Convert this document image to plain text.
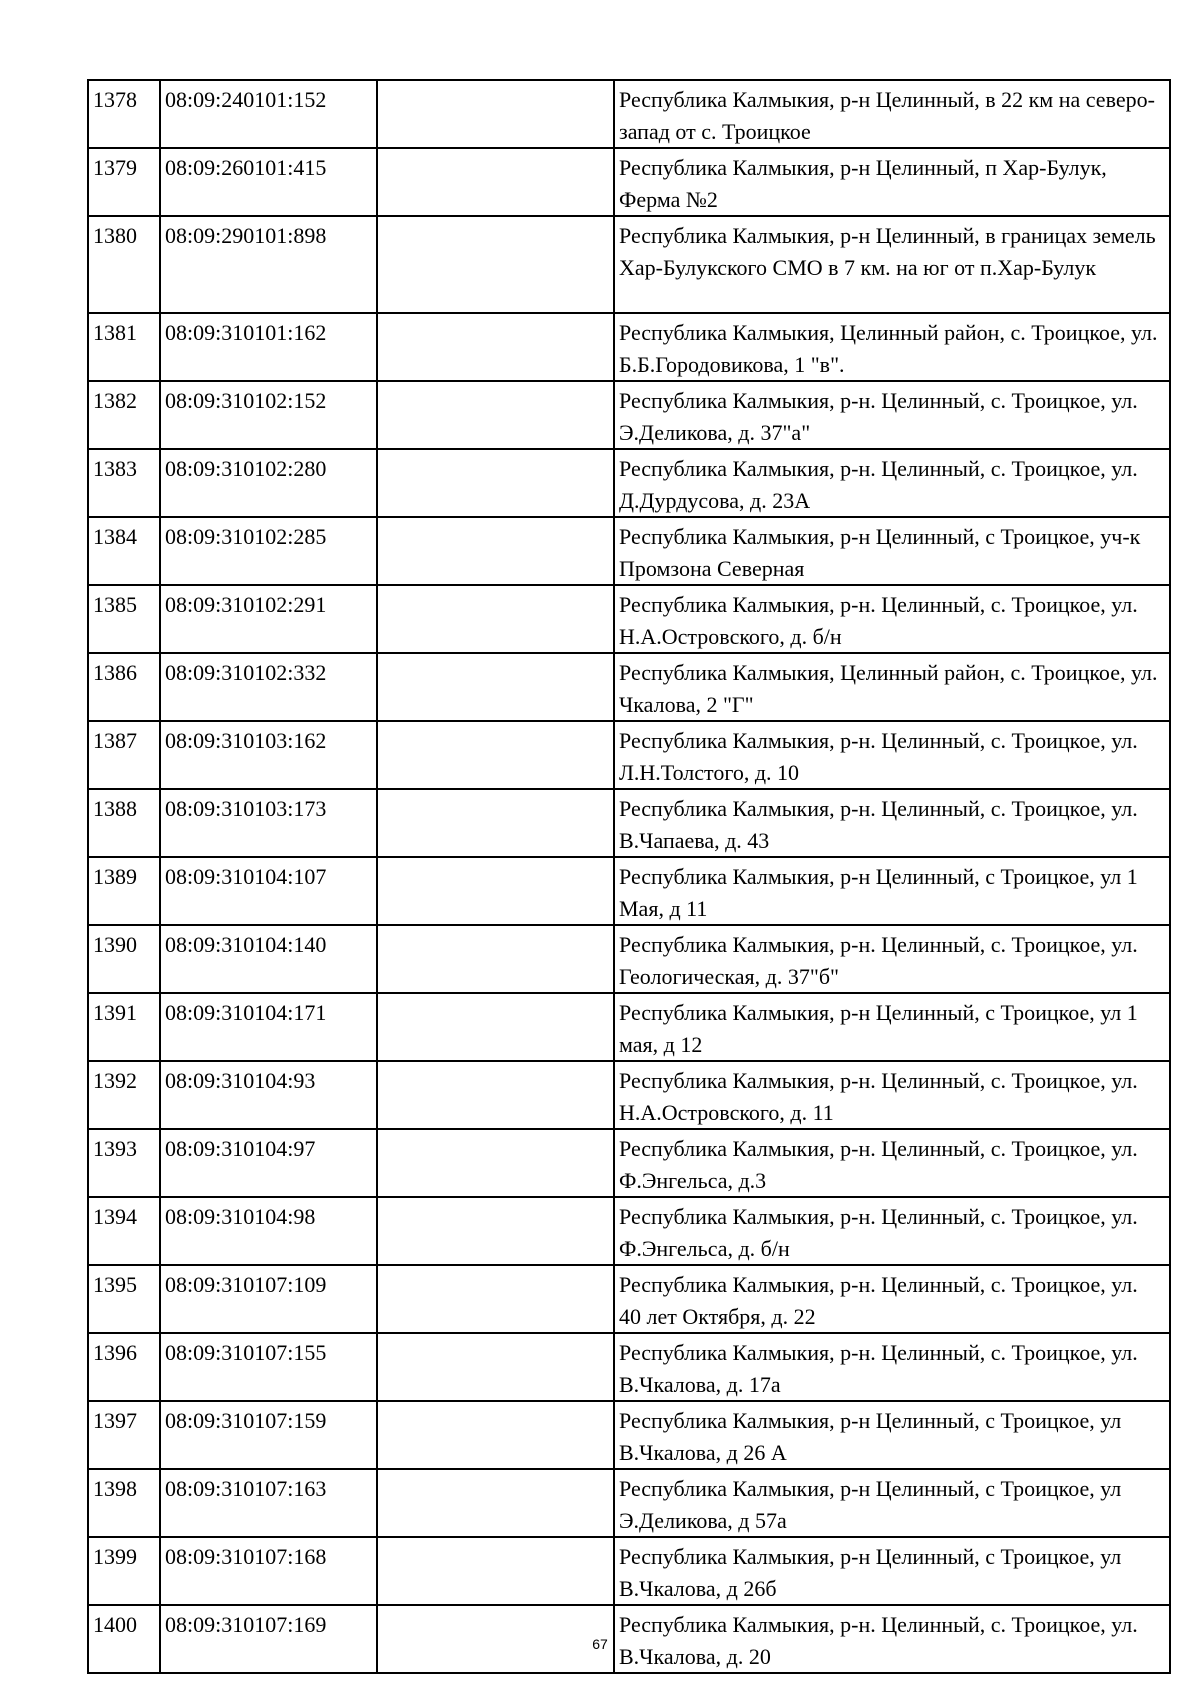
1378	08:09:240101:152		Республика Калмыкия, р-н Целинный, в 22 км на северо-запад от с. Троицкое
1379	08:09:260101:415		Республика Калмыкия, р-н Целинный, п Хар-Булук, Ферма №2
1380	08:09:290101:898		Республика Калмыкия, р-н Целинный, в границах земель Хар-Булукского СМО в 7 км. на юг от п.Хар-Булук
1381	08:09:310101:162		Республика Калмыкия, Целинный район, с. Троицкое, ул. Б.Б.Городовикова, 1 "в".
1382	08:09:310102:152		Республика Калмыкия, р-н. Целинный, с. Троицкое, ул. Э.Деликова, д. 37"а"
1383	08:09:310102:280		Республика Калмыкия, р-н. Целинный, с. Троицкое, ул. Д.Дурдусова, д. 23А
1384	08:09:310102:285		Республика Калмыкия, р-н Целинный, с Троицкое, уч-к Промзона Северная
1385	08:09:310102:291		Республика Калмыкия, р-н. Целинный, с. Троицкое, ул. Н.А.Островского, д. б/н
1386	08:09:310102:332		Республика Калмыкия, Целинный район, с. Троицкое, ул. Чкалова, 2 "Г"
1387	08:09:310103:162		Республика Калмыкия, р-н. Целинный, с. Троицкое, ул. Л.Н.Толстого, д. 10
1388	08:09:310103:173		Республика Калмыкия, р-н. Целинный, с. Троицкое, ул. В.Чапаева, д. 43
1389	08:09:310104:107		Республика Калмыкия, р-н Целинный, с Троицкое, ул 1 Мая, д 11
1390	08:09:310104:140		Республика Калмыкия, р-н. Целинный, с. Троицкое, ул. Геологическая, д. 37"б"
1391	08:09:310104:171		Республика Калмыкия, р-н Целинный, с Троицкое, ул 1 мая, д 12
1392	08:09:310104:93		Республика Калмыкия, р-н. Целинный, с. Троицкое, ул. Н.А.Островского, д. 11
1393	08:09:310104:97		Республика Калмыкия, р-н. Целинный, с. Троицкое, ул. Ф.Энгельса, д.3
1394	08:09:310104:98		Республика Калмыкия, р-н. Целинный, с. Троицкое, ул. Ф.Энгельса, д. б/н
1395	08:09:310107:109		Республика Калмыкия, р-н. Целинный, с. Троицкое, ул. 40 лет Октября, д. 22
1396	08:09:310107:155		Республика Калмыкия, р-н. Целинный, с. Троицкое, ул. В.Чкалова, д. 17а
1397	08:09:310107:159		Республика Калмыкия, р-н Целинный, с Троицкое, ул В.Чкалова, д 26 А
1398	08:09:310107:163		Республика Калмыкия, р-н Целинный, с Троицкое, ул Э.Деликова, д 57а
1399	08:09:310107:168		Республика Калмыкия, р-н Целинный, с Троицкое, ул В.Чкалова, д 26б
1400	08:09:310107:169		Республика Калмыкия, р-н. Целинный, с. Троицкое, ул. В.Чкалова, д. 20
67
